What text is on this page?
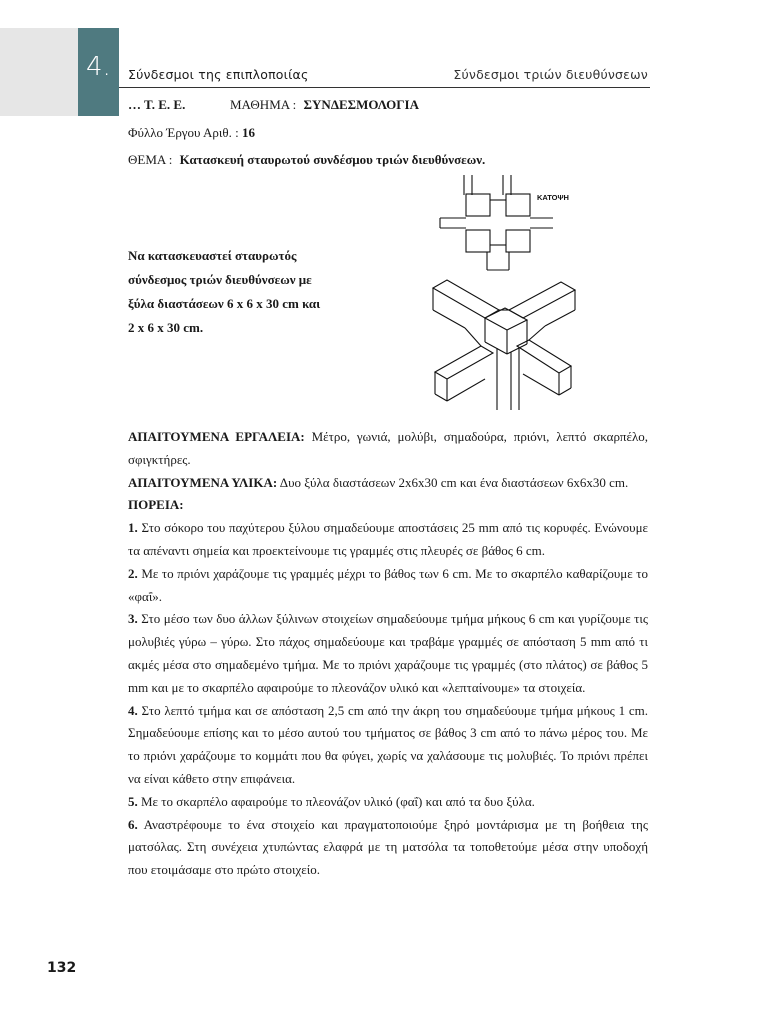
4. Σύνδεσμοι της επιπλοποιίας	Σύνδεσμοι τριών διευθύνσεων
… Τ. Ε. Ε.	ΜΑΘΗΜΑ : ΣΥΝΔΕΣΜΟΛΟΓΙΑ
Φύλλο Έργου Αριθ. : 16
ΘΕΜΑ : Κατασκευή σταυρωτού συνδέσμου τριών διευθύνσεων.
Να κατασκευαστεί σταυρωτός
σύνδεσμος τριών διευθύνσεων με
ξύλα διαστάσεων 6 x 6 x 30 cm και
2 x 6 x 30 cm.
ΚΑΤΟΨΗ

ΑΠΑΙΤΟΥΜΕΝΑ ΕΡΓΑΛΕΙΑ: Μέτρο, γωνιά, μολύβι, σημαδούρα, πριόνι, λεπτό σκαρπέλο, σφιγκτήρες.

ΑΠΑΙΤΟΥΜΕΝΑ ΥΛΙΚΑ: Δυο ξύλα διαστάσεων 2x6x30 cm και ένα διαστάσεων 6x6x30 cm.

ΠΟΡΕΙΑ:

1. Στο σόκορο του παχύτερου ξύλου σημαδεύουμε αποστάσεις 25 mm από τις κορυφές. Ενώνουμε τα απέναντι σημεία και προεκτείνουμε τις γραμμές στις πλευρές σε βάθος 6 cm.

2. Με το πριόνι χαράζουμε τις γραμμές μέχρι το βάθος των 6 cm. Με το σκαρπέλο καθαρίζουμε το «φαΐ».

3. Στο μέσο των δυο άλλων ξύλινων στοιχείων σημαδεύουμε τμήμα μήκους 6 cm και γυρίζουμε τις μολυβιές γύρω – γύρω. Στο πάχος σημαδεύουμε και τραβάμε γραμμές σε απόσταση 5 mm από τι ακμές μέσα στο σημαδεμένο τμήμα. Με το πριόνι χαράζουμε τις γραμμές (στο πλάτος) σε βάθος 5 mm και με το σκαρπέλο αφαιρούμε το πλεονάζον υλικό και «λεπταίνουμε» τα στοιχεία.

4. Στο λεπτό τμήμα και σε απόσταση 2,5 cm από την άκρη του σημαδεύουμε τμήμα μήκους 1 cm. Σημαδεύουμε επίσης και το μέσο αυτού του τμήματος σε βάθος 3 cm από το πάνω μέρος του. Με το πριόνι χαράζουμε το κομμάτι που θα φύγει, χωρίς να χαλάσουμε τις μολυβιές. Το πριόνι πρέπει να είναι κάθετο στην επιφάνεια.

5. Με το σκαρπέλο αφαιρούμε το πλεονάζον υλικό (φαΐ) και από τα δυο ξύλα.

6. Αναστρέφουμε το ένα στοιχείο και πραγματοποιούμε ξηρό μοντάρισμα με τη βοήθεια της ματσόλας. Στη συνέχεια χτυπώντας ελαφρά με τη ματσόλα τα τοποθετούμε μέσα στην υποδοχή που ετοιμάσαμε στο πρώτο στοιχείο.

132
